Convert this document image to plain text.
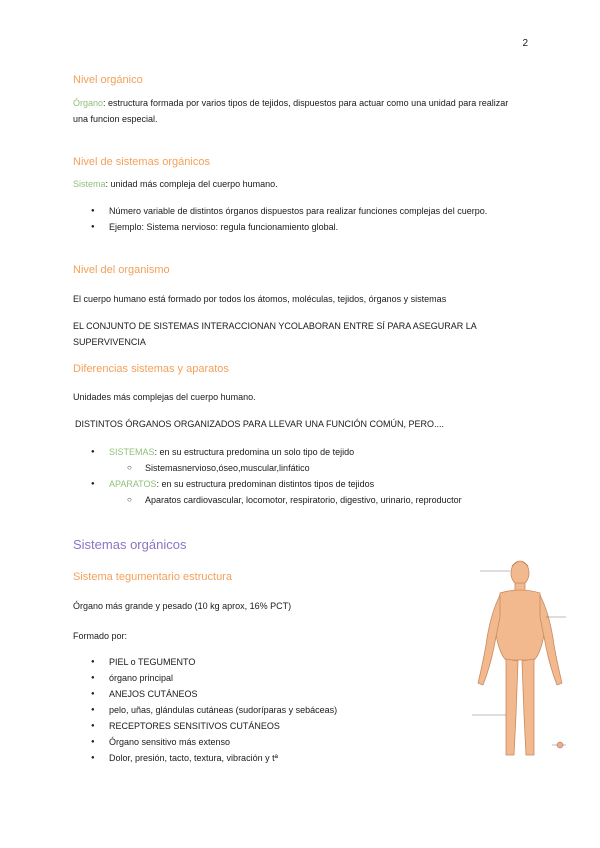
2
Nivel orgánico
Órgano: estructura formada por varios tipos de tejidos, dispuestos para actuar como una unidad para realizar una funcion especial.
Nivel de sistemas orgánicos
Sistema: unidad más compleja del cuerpo humano.
● Número variable de distintos órganos dispuestos para realizar funciones complejas del cuerpo.
● Ejemplo: Sistema nervioso: regula funcionamiento global.
Nivel del organismo
El cuerpo humano está formado por todos los átomos, moléculas, tejidos, órganos y sistemas
EL CONJUNTO DE SISTEMAS INTERACCIONAN YCOLABORAN ENTRE SÍ PARA ASEGURAR LA SUPERVIVENCIA
Diferencias sistemas y aparatos
Unidades más complejas del cuerpo humano.
DISTINTOS ÓRGANOS ORGANIZADOS PARA LLEVAR UNA FUNCIÓN COMÚN, PERO....
● SISTEMAS: en su estructura predomina un solo tipo de tejido
○ Sistemasnervioso,óseo,muscular,linfático
● APARATOS: en su estructura predominan distintos tipos de tejidos
○ Aparatos cardiovascular, locomotor, respiratorio, digestivo, urinario, reproductor
Sistemas orgánicos
Sistema tegumentario estructura
Órgano más grande y pesado (10 kg aprox, 16% PCT)
Formado por:
● PIEL o TEGUMENTO
● órgano principal
● ANEJOS CUTÁNEOS
● pelo, uñas, glándulas cutáneas (sudoríparas y sebáceas)
● RECEPTORES SENSITIVOS CUTÁNEOS
● Órgano sensitivo más extenso
● Dolor, presión, tacto, textura, vibración y tª
